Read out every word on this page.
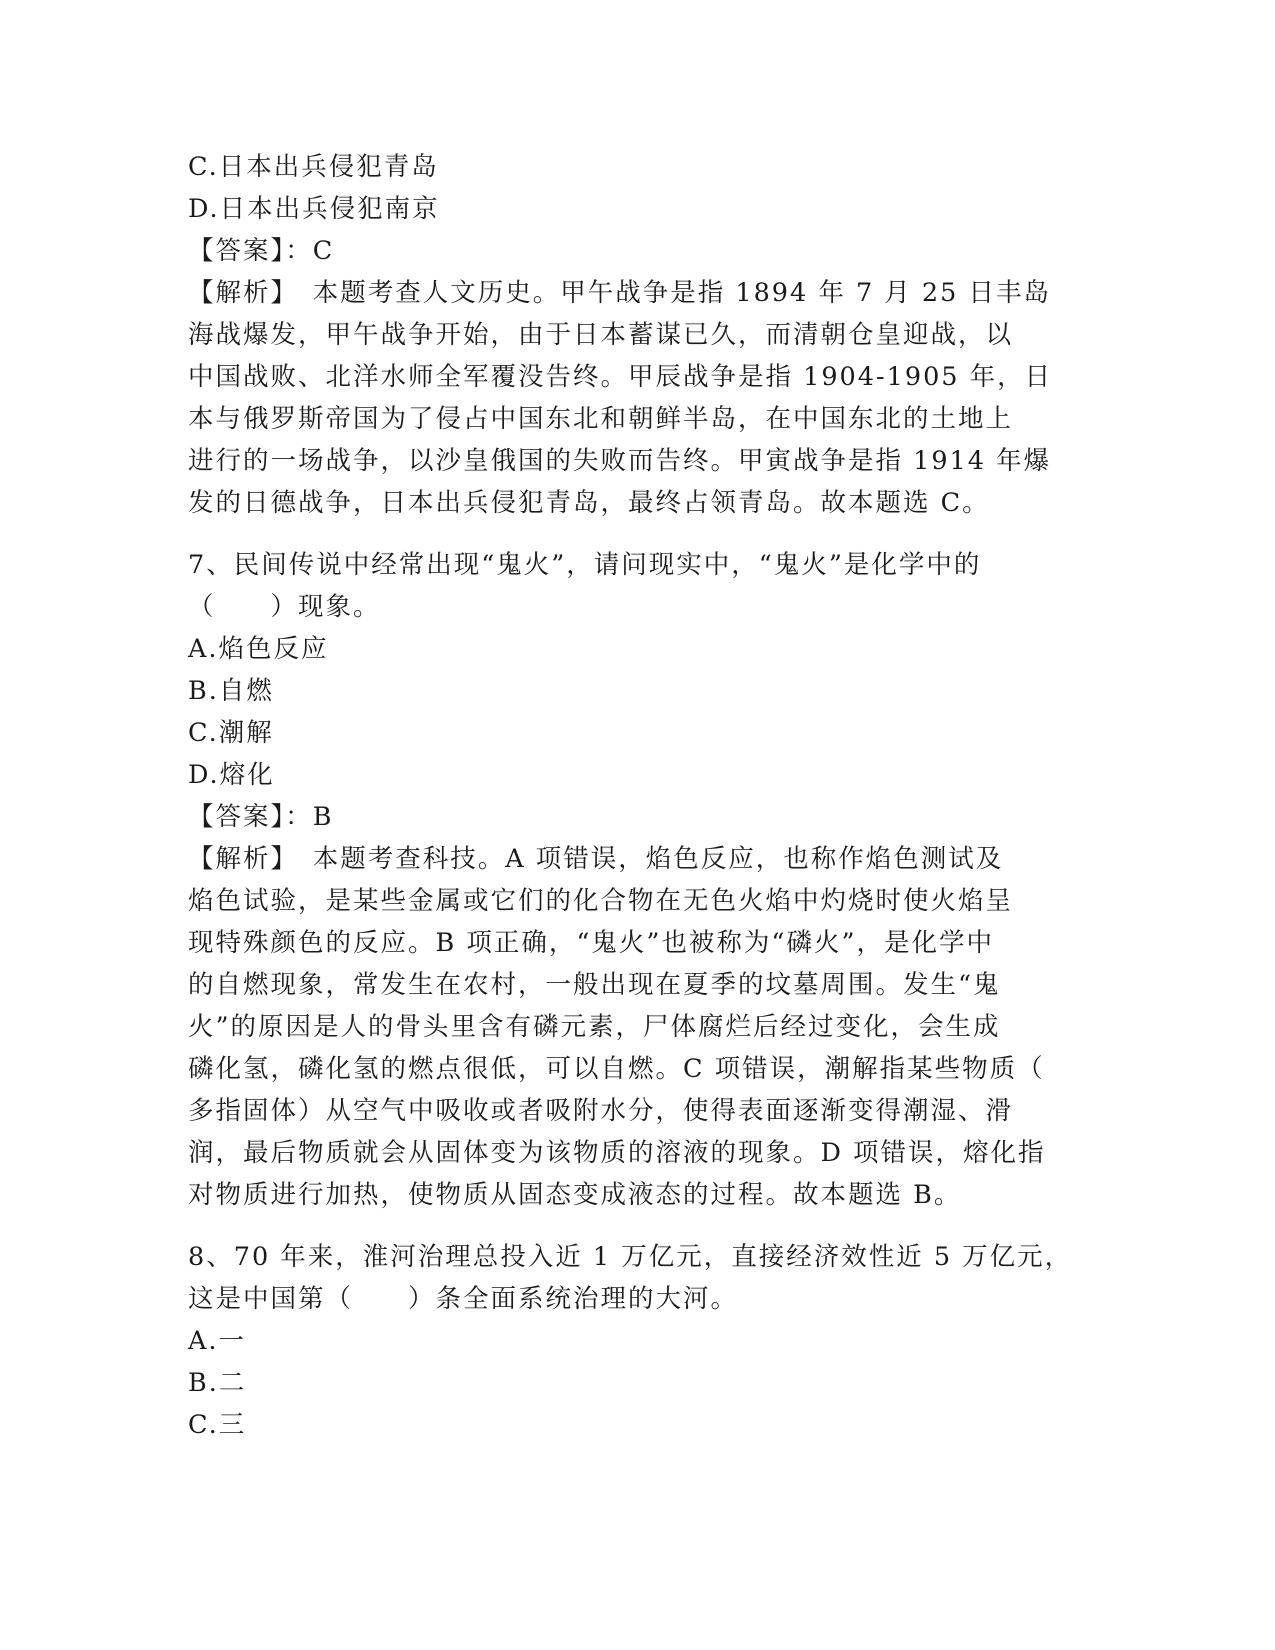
C.日本出兵侵犯青岛
D.日本出兵侵犯南京
【答案】：C
【解析】　本题考查人文历史。甲午战争是指 1894 年 7 月 25 日丰岛
海战爆发，甲午战争开始，由于日本蓄谋已久，而清朝仓皇迎战，以
中国战败、北洋水师全军覆没告终。甲辰战争是指 1904-1905 年，日
本与俄罗斯帝国为了侵占中国东北和朝鲜半岛，在中国东北的土地上
进行的一场战争，以沙皇俄国的失败而告终。甲寅战争是指 1914 年爆
发的日德战争，日本出兵侵犯青岛，最终占领青岛。故本题选 C。
7、民间传说中经常出现“鬼火”，请问现实中，“鬼火”是化学中的
（　　）现象。
A.焰色反应
B.自燃
C.潮解
D.熔化
【答案】：B
【解析】　本题考查科技。A 项错误，焰色反应，也称作焰色测试及
焰色试验，是某些金属或它们的化合物在无色火焰中灼烧时使火焰呈
现特殊颜色的反应。B 项正确，“鬼火”也被称为“磷火”，是化学中
的自燃现象，常发生在农村，一般出现在夏季的坟墓周围。发生“鬼
火”的原因是人的骨头里含有磷元素，尸体腐烂后经过变化，会生成
磷化氢，磷化氢的燃点很低，可以自燃。C 项错误，潮解指某些物质（
多指固体）从空气中吸收或者吸附水分，使得表面逐渐变得潮湿、滑
润，最后物质就会从固体变为该物质的溶液的现象。D 项错误，熔化指
对物质进行加热，使物质从固态变成液态的过程。故本题选 B。
8、70 年来，淮河治理总投入近 1 万亿元，直接经济效性近 5 万亿元，
这是中国第（　　）条全面系统治理的大河。
A.一
B.二
C.三
